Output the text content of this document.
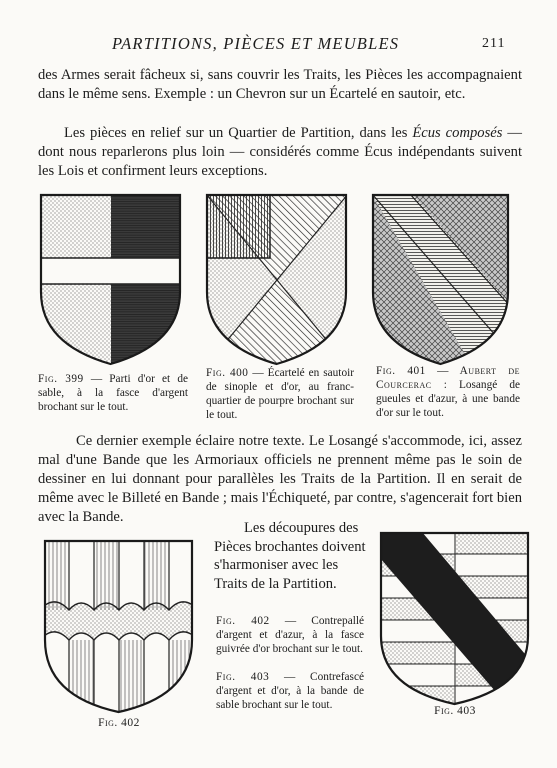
PARTITIONS, PIÈCES ET MEUBLES	211

des Armes serait fâcheux si, sans couvrir les Traits, les Pièces les accompagnaient dans le même sens. Exemple : un Chevron sur un Écartelé en sautoir, etc.

Les pièces en relief sur un Quartier de Partition, dans les Écus composés — dont nous reparlerons plus loin — considérés comme Écus indépendants suivent les Lois et confirment leurs exceptions.

Fig. 399 — Parti d'or et de sable, à la fasce d'argent brochant sur le tout.

Fig. 400 — Écartelé en sautoir de sinople et d'or, au franc-quartier de pourpre brochant sur le tout.

Fig. 401 — Aubert de Courcerac : Losangé de gueules et d'azur, à une bande d'or sur le tout.

Ce dernier exemple éclaire notre texte. Le Losangé s'accommode, ici, assez mal d'une Bande que les Armoriaux officiels ne prennent même pas le soin de dessiner en lui donnant pour parallèles les Traits de la Partition. Il en serait de même avec le Billeté en Bande ; mais l'Échiqueté, par contre, s'agencerait fort bien avec la Bande.

Fig. 402

Les découpures des Pièces brochantes doivent s'harmoniser avec les Traits de la Partition.

Fig. 402 — Contrepallé d'argent et d'azur, à la fasce guivrée d'or brochant sur le tout.

Fig. 403 — Contrefascé d'argent et d'or, à la bande de sable brochant sur le tout.	Fig. 403
